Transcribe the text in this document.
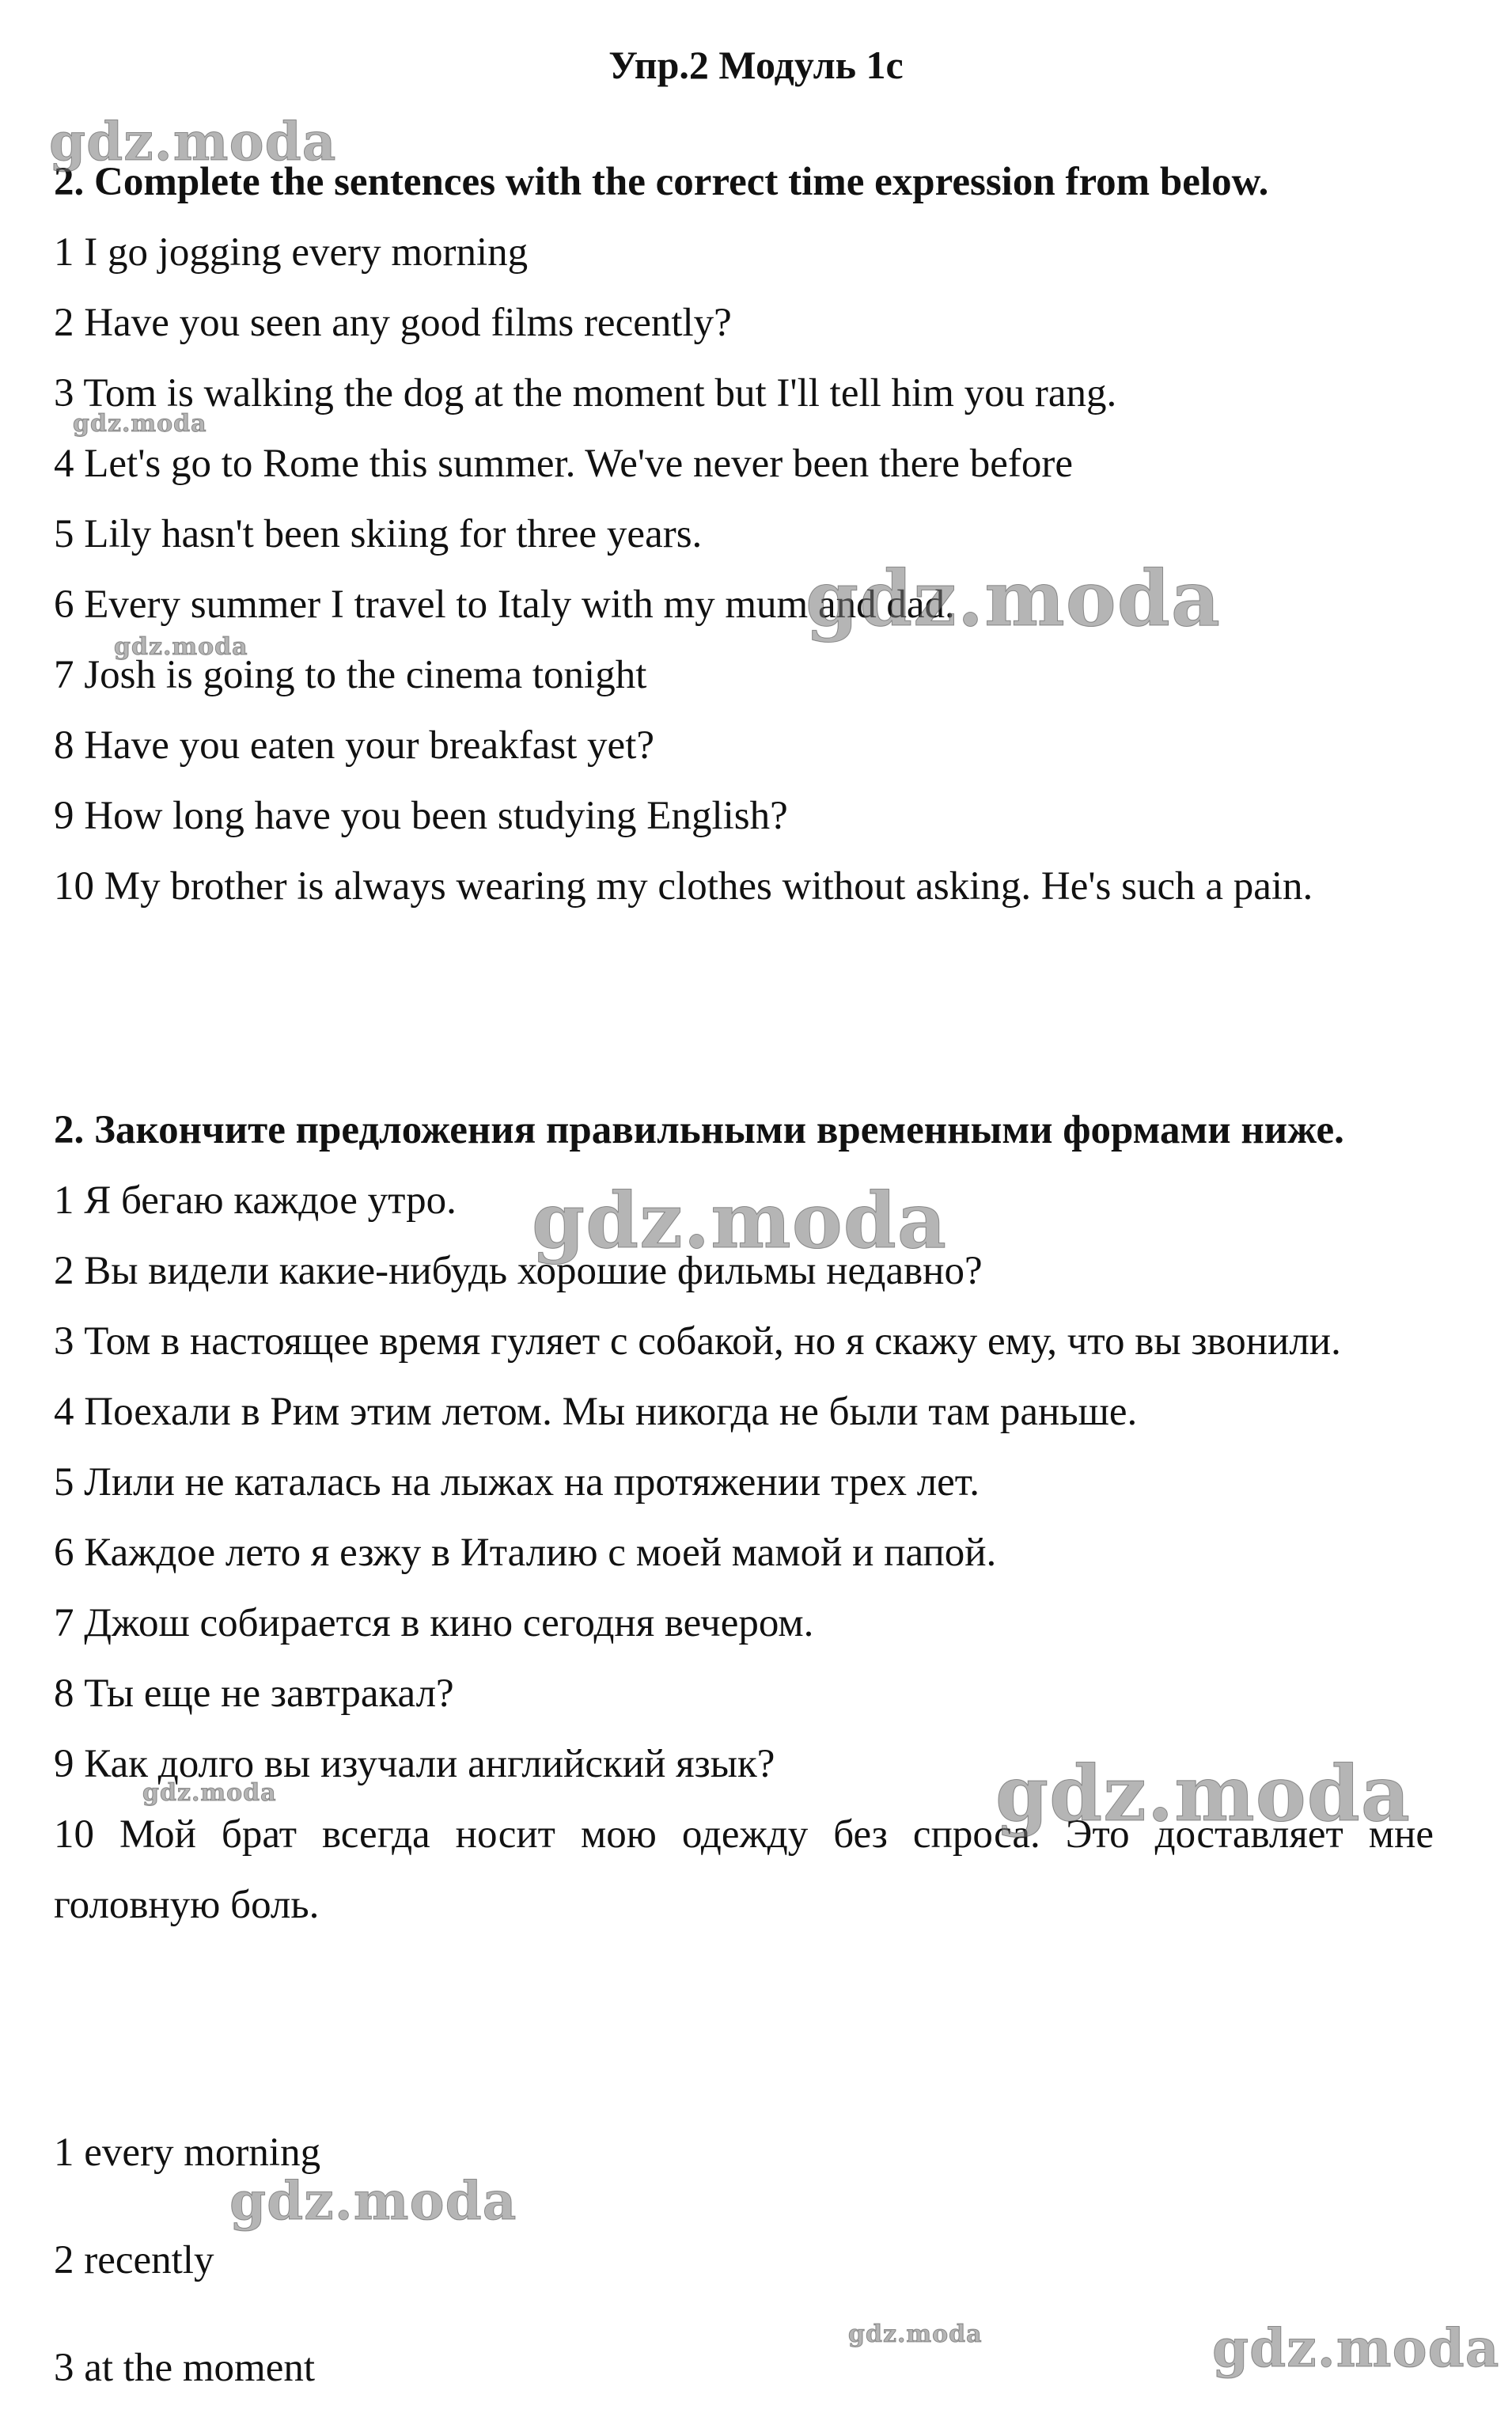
Упр.2 Модуль 1с
2. Complete the sentences with the correct time expression from below.
1 I go jogging every morning
2 Have you seen any good films recently?
3 Tom is walking the dog at the moment but I'll tell him you rang.
4 Let's go to Rome this summer. We've never been there before
5 Lily hasn't been skiing for three years.
6 Every summer I travel to Italy with my mum and dad.
7 Josh is going to the cinema tonight
8 Have you eaten your breakfast yet?
9 How long have you been studying English?
10 My brother is always wearing my clothes without asking. He's such a pain.
2. Закончите предложения правильными временными формами ниже.
1 Я бегаю каждое утро.
2 Вы видели какие-нибудь хорошие фильмы недавно?
3 Том в настоящее время гуляет с собакой, но я скажу ему, что вы звонили.
4 Поехали в Рим этим летом. Мы никогда не были там раньше.
5 Лили не каталась на лыжах на протяжении трех лет.
6 Каждое лето я езжу в Италию с моей мамой и папой.
7 Джош собирается в кино сегодня вечером.
8 Ты еще не завтракал?
9 Как долго вы изучали английский язык?
10 Мой брат всегда носит мою одежду без спроса. Это доставляет мне головную боль.
1 every morning
2 recently
3 at the moment
gdz.moda
gdz.moda
gdz.moda
gdz.moda
gdz.moda
gdz.moda	gdz.moda
gdz.moda
gdz.moda	gdz.moda
